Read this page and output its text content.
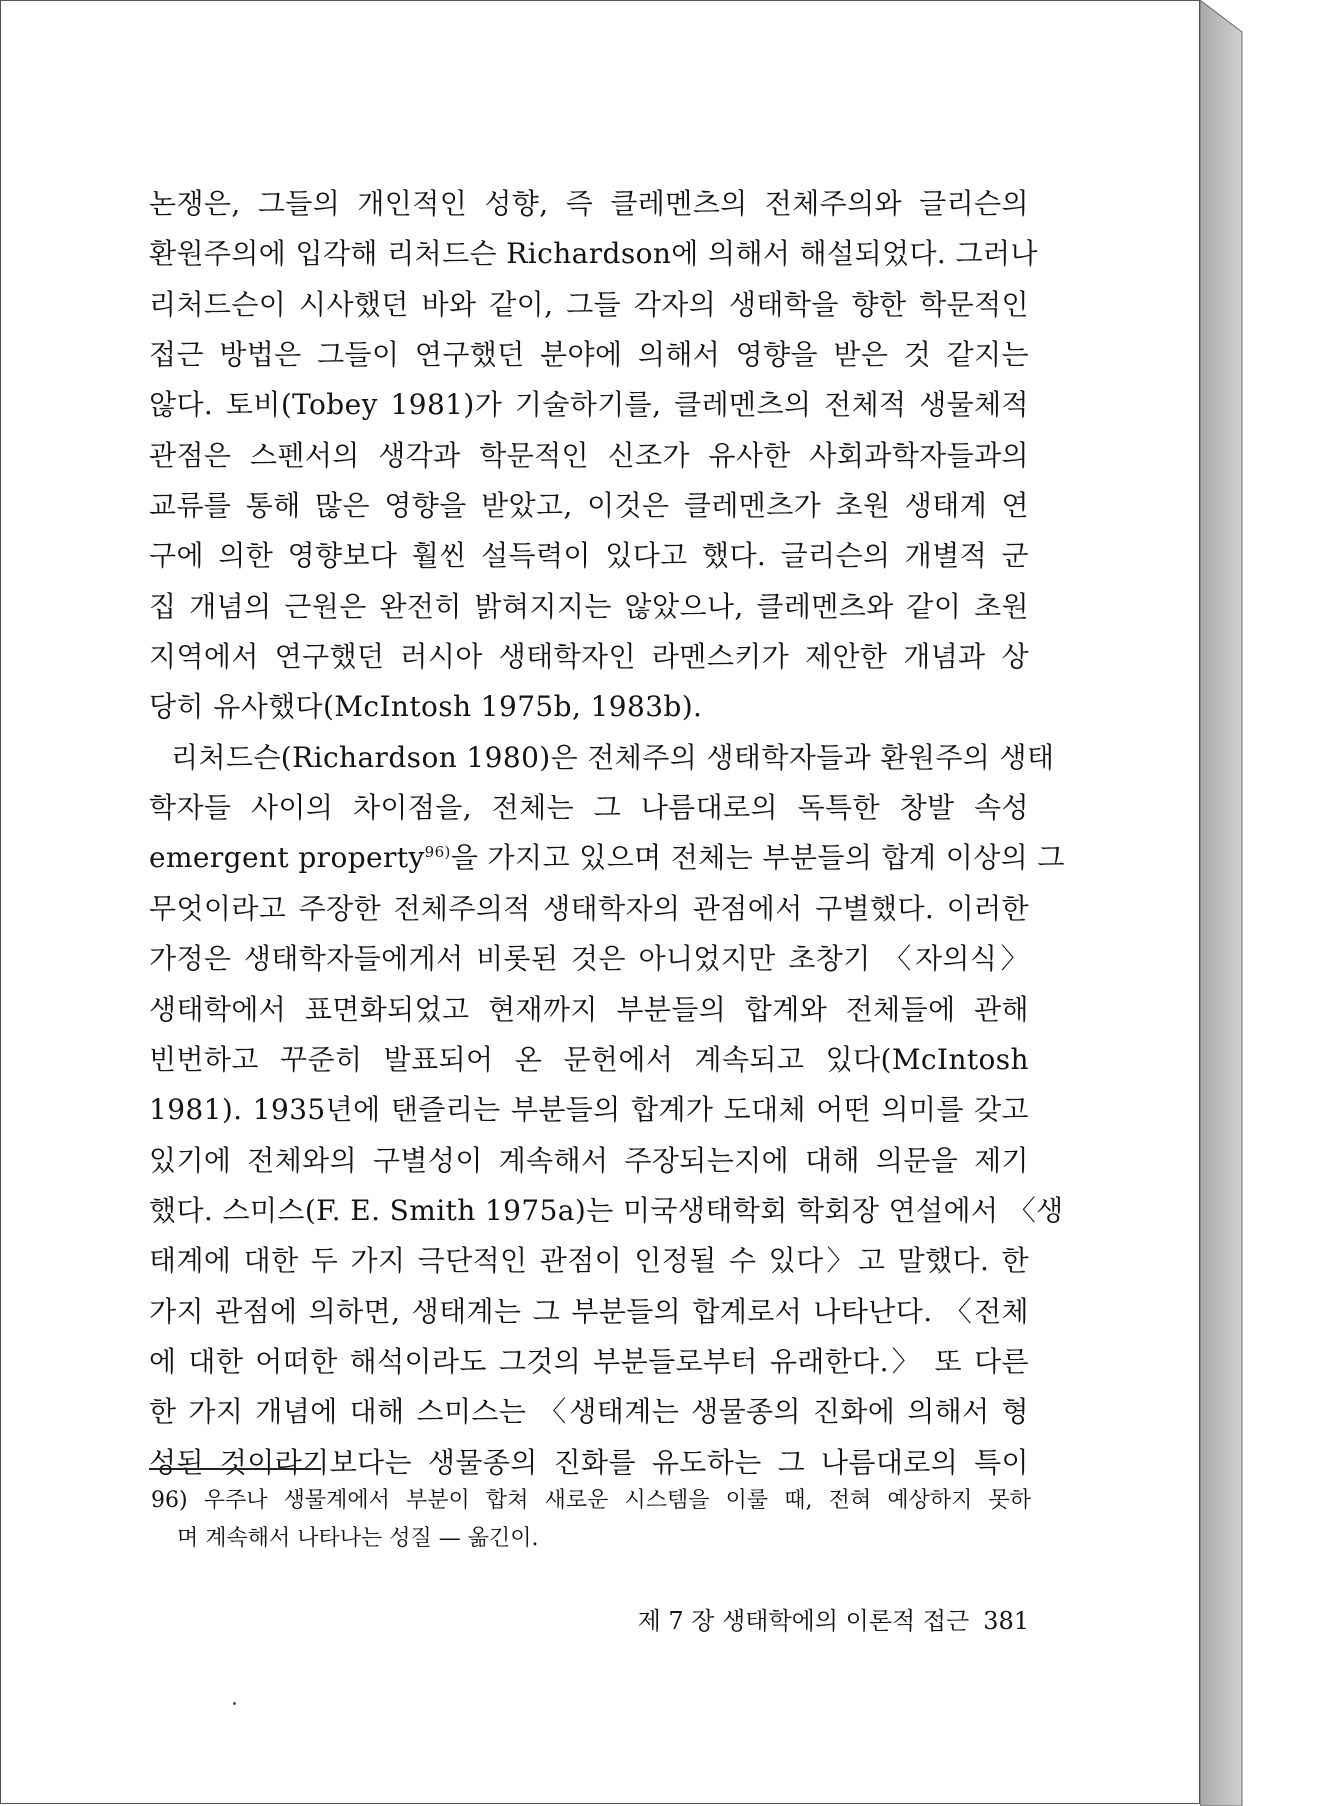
논쟁은, 그들의 개인적인 성향, 즉 클레멘츠의 전체주의와 글리슨의
환원주의에 입각해 리처드슨 Richardson에 의해서 해설되었다. 그러나
리처드슨이 시사했던 바와 같이, 그들 각자의 생태학을 향한 학문적인
접근 방법은 그들이 연구했던 분야에 의해서 영향을 받은 것 같지는
않다. 토비(Tobey 1981)가 기술하기를, 클레멘츠의 전체적 생물체적
관점은 스펜서의 생각과 학문적인 신조가 유사한 사회과학자들과의
교류를 통해 많은 영향을 받았고, 이것은 클레멘츠가 초원 생태계 연
구에 의한 영향보다 훨씬 설득력이 있다고 했다. 글리슨의 개별적 군
집 개념의 근원은 완전히 밝혀지지는 않았으나, 클레멘츠와 같이 초원
지역에서 연구했던 러시아 생태학자인 라멘스키가 제안한 개념과 상
당히 유사했다(McIntosh 1975b, 1983b).
리처드슨(Richardson 1980)은 전체주의 생태학자들과 환원주의 생태
학자들 사이의 차이점을, 전체는 그 나름대로의 독특한 창발 속성
emergent property$^{96)}$을 가지고 있으며 전체는 부분들의 합계 이상의 그
무엇이라고 주장한 전체주의적 생태학자의 관점에서 구별했다. 이러한
가정은 생태학자들에게서 비롯된 것은 아니었지만 초창기 〈자의식〉
생태학에서 표면화되었고 현재까지 부분들의 합계와 전체들에 관해
빈번하고 꾸준히 발표되어 온 문헌에서 계속되고 있다(McIntosh
1981). 1935년에 탠즐리는 부분들의 합계가 도대체 어떤 의미를 갖고
있기에 전체와의 구별성이 계속해서 주장되는지에 대해 의문을 제기
했다. 스미스(F. E. Smith 1975a)는 미국생태학회 학회장 연설에서 〈생
태계에 대한 두 가지 극단적인 관점이 인정될 수 있다〉고 말했다. 한
가지 관점에 의하면, 생태계는 그 부분들의 합계로서 나타난다. 〈전체
에 대한 어떠한 해석이라도 그것의 부분들로부터 유래한다.〉 또 다른
한 가지 개념에 대해 스미스는 〈생태계는 생물종의 진화에 의해서 형
성된 것이라기보다는 생물종의 진화를 유도하는 그 나름대로의 특이
96) 우주나 생물계에서 부분이 합쳐 새로운 시스템을 이룰 때, 전혀 예상하지 못하
며 계속해서 나타나는 성질 — 옮긴이.
제 7 장 생태학에의 이론적 접근 381
